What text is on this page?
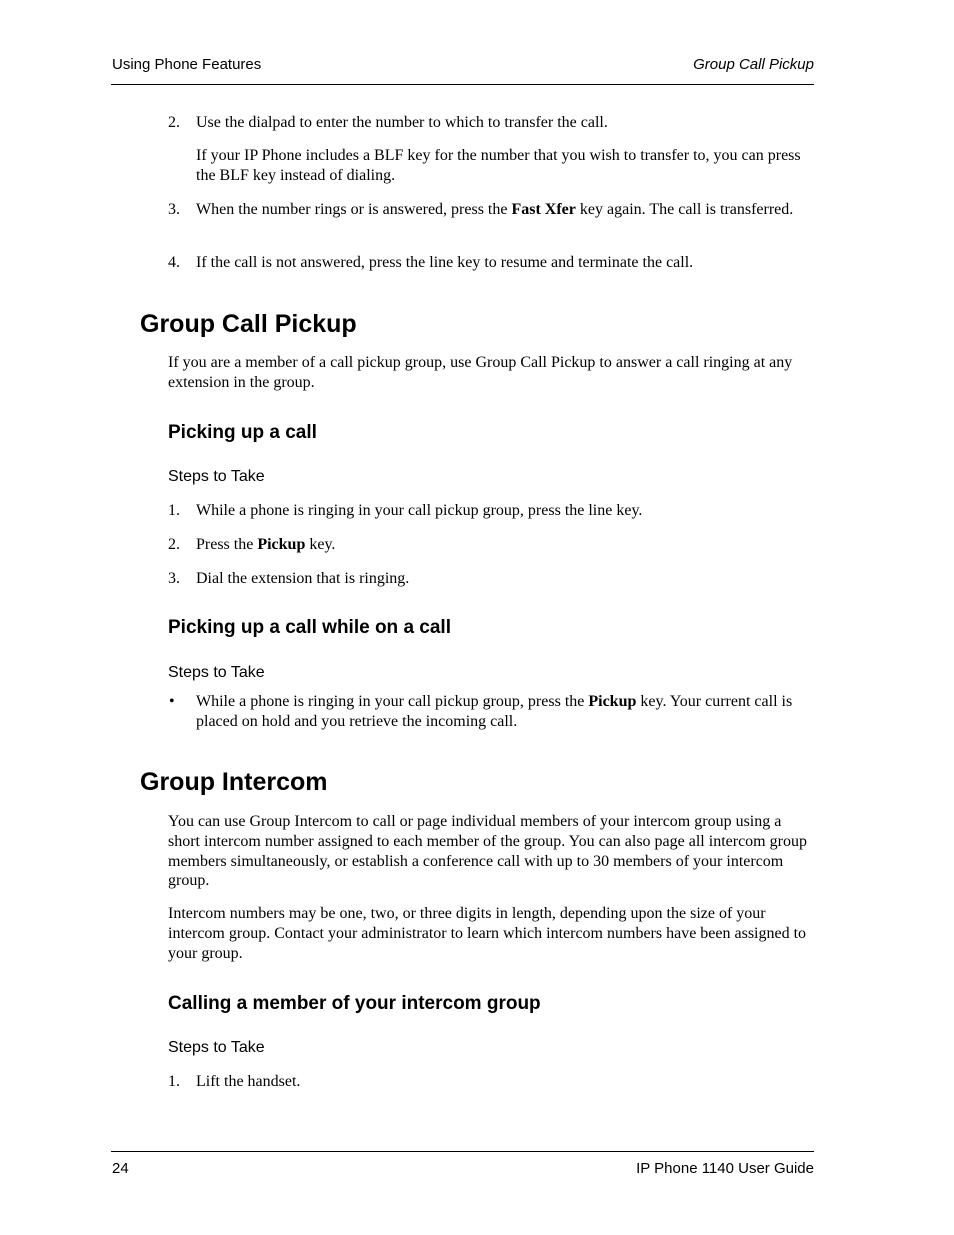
Using Phone Features	Group Call Pickup
2. Use the dialpad to enter the number to which to transfer the call.
If your IP Phone includes a BLF key for the number that you wish to transfer to, you can press the BLF key instead of dialing.
3. When the number rings or is answered, press the Fast Xfer key again. The call is transferred.
4. If the call is not answered, press the line key to resume and terminate the call.
Group Call Pickup
If you are a member of a call pickup group, use Group Call Pickup to answer a call ringing at any extension in the group.
Picking up a call
Steps to Take
1. While a phone is ringing in your call pickup group, press the line key.
2. Press the Pickup key.
3. Dial the extension that is ringing.
Picking up a call while on a call
Steps to Take
• While a phone is ringing in your call pickup group, press the Pickup key. Your current call is placed on hold and you retrieve the incoming call.
Group Intercom
You can use Group Intercom to call or page individual members of your intercom group using a short intercom number assigned to each member of the group. You can also page all intercom group members simultaneously, or establish a conference call with up to 30 members of your intercom group.
Intercom numbers may be one, two, or three digits in length, depending upon the size of your intercom group. Contact your administrator to learn which intercom numbers have been assigned to your group.
Calling a member of your intercom group
Steps to Take
1. Lift the handset.
24	IP Phone 1140 User Guide
